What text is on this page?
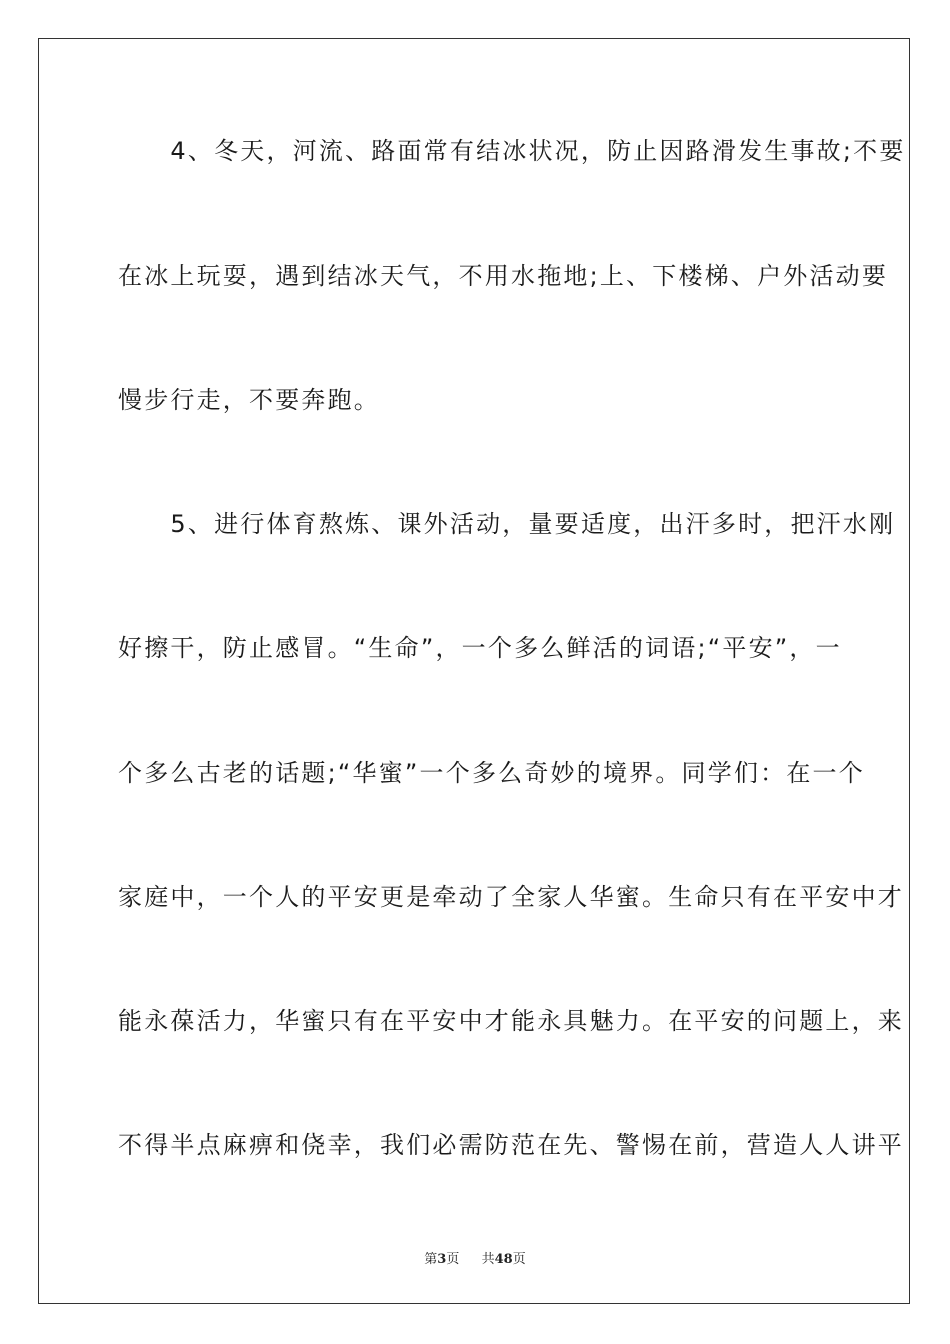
　　4、冬天，河流、路面常有结冰状况，防止因路滑发生事故;不要

在冰上玩耍，遇到结冰天气，不用水拖地;上、下楼梯、户外活动要

慢步行走，不要奔跑。

　　5、进行体育熬炼、课外活动，量要适度，出汗多时，把汗水刚

好擦干，防止感冒。“生命”，一个多么鲜活的词语;“平安”，一

个多么古老的话题;“华蜜”一个多么奇妙的境界。同学们：在一个

家庭中，一个人的平安更是牵动了全家人华蜜。生命只有在平安中才

能永葆活力，华蜜只有在平安中才能永具魅力。在平安的问题上，来

不得半点麻痹和侥幸，我们必需防范在先、警惕在前，营造人人讲平

第3页 共48页
